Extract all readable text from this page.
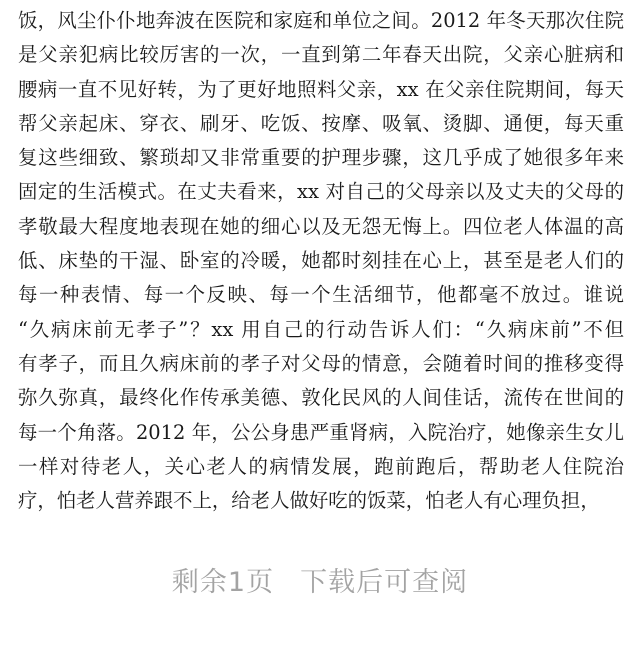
饭，风尘仆仆地奔波在医院和家庭和单位之间。2012 年冬天那次住院
是父亲犯病比较厉害的一次，一直到第二年春天出院，父亲心脏病和
腰病一直不见好转，为了更好地照料父亲，xx 在父亲住院期间，每天
帮父亲起床、穿衣、刷牙、吃饭、按摩、吸氧、烫脚、通便，每天重
复这些细致、繁琐却又非常重要的护理步骤，这几乎成了她很多年来
固定的生活模式。在丈夫看来，xx 对自己的父母亲以及丈夫的父母的
孝敬最大程度地表现在她的细心以及无怨无悔上。四位老人体温的高
低、床垫的干湿、卧室的冷暖，她都时刻挂在心上，甚至是老人们的
每一种表情、每一个反映、每一个生活细节，他都毫不放过。谁说
“久病床前无孝子”？xx 用自己的行动告诉人们：“久病床前”不但
有孝子，而且久病床前的孝子对父母的情意，会随着时间的推移变得
弥久弥真，最终化作传承美德、敦化民风的人间佳话，流传在世间的
每一个角落。2012 年，公公身患严重肾病，入院治疗，她像亲生女儿
一样对待老人，关心老人的病情发展，跑前跑后，帮助老人住院治
疗，怕老人营养跟不上，给老人做好吃的饭菜，怕老人有心理负担，
剩余1页 下载后可查阅
